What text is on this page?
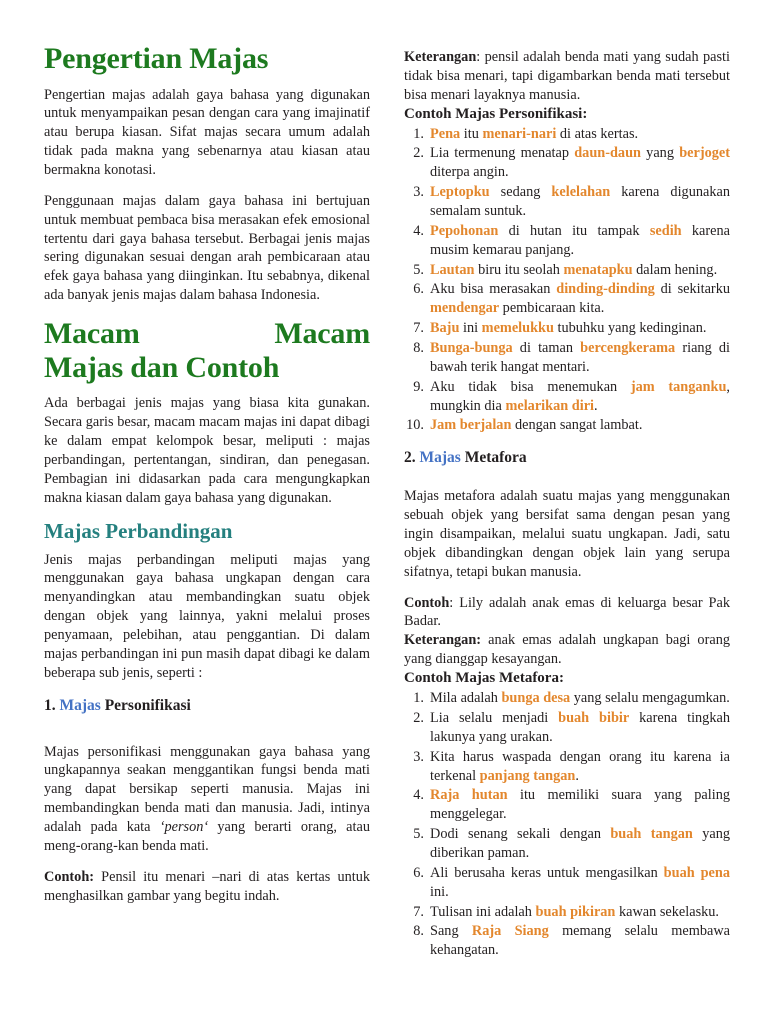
Pengertian Majas

Pengertian majas adalah gaya bahasa yang digunakan untuk menyampaikan pesan dengan cara yang imajinatif atau berupa kiasan. Sifat majas secara umum adalah tidak pada makna yang sebenarnya atau kiasan atau bermakna konotasi.

Penggunaan majas dalam gaya bahasa ini bertujuan untuk membuat pembaca bisa merasakan efek emosional tertentu dari gaya bahasa tersebut. Berbagai jenis majas sering digunakan sesuai dengan arah pembicaraan atau efek gaya bahasa yang diinginkan. Itu sebabnya, dikenal ada banyak jenis majas dalam bahasa Indonesia.

Macam	Macam
Majas dan Contoh

Ada berbagai jenis majas yang biasa kita gunakan. Secara garis besar, macam macam majas ini dapat dibagi ke dalam empat kelompok besar, meliputi : majas perbandingan, pertentangan, sindiran, dan penegasan. Pembagian ini didasarkan pada cara mengungkapkan makna kiasan dalam gaya bahasa yang digunakan.

Majas Perbandingan

Jenis majas perbandingan meliputi majas yang menggunakan gaya bahasa ungkapan dengan cara menyandingkan atau membandingkan suatu objek dengan objek yang lainnya, yakni melalui proses penyamaan, pelebihan, atau penggantian. Di dalam majas perbandingan ini pun masih dapat dibagi ke dalam beberapa sub jenis, seperti :

1. Majas Personifikasi

Majas personifikasi menggunakan gaya bahasa yang ungkapannya seakan menggantikan fungsi benda mati yang dapat bersikap seperti manusia. Majas ini membandingkan benda mati dan manusia. Jadi, intinya adalah pada kata ‘person‘ yang berarti orang, atau meng-orang-kan benda mati.

Contoh: Pensil itu menari –nari di atas kertas untuk menghasilkan gambar yang begitu indah.

Keterangan: pensil adalah benda mati yang sudah pasti tidak bisa menari, tapi digambarkan benda mati tersebut bisa menari layaknya manusia.

Contoh Majas Personifikasi:
Pena itu menari-nari di atas kertas.
Lia termenung menatap daun-daun yang berjoget diterpa angin.
Leptopku sedang kelelahan karena digunakan semalam suntuk.
Pepohonan di hutan itu tampak sedih karena musim kemarau panjang.
Lautan biru itu seolah menatapku dalam hening.
Aku bisa merasakan dinding-dinding di sekitarku mendengar pembicaraan kita.
Baju ini memelukku tubuhku yang kedinginan.
Bunga-bunga di taman bercengkerama riang di bawah terik hangat mentari.
Aku tidak bisa menemukan jam tanganku, mungkin dia melarikan diri.
Jam berjalan dengan sangat lambat.
2. Majas Metafora

Majas metafora adalah suatu majas yang menggunakan sebuah objek yang bersifat sama dengan pesan yang ingin disampaikan, melalui suatu ungkapan. Jadi, satu objek dibandingkan dengan objek lain yang serupa sifatnya, tetapi bukan manusia.

Contoh: Lily adalah anak emas di keluarga besar Pak Badar.

Keterangan: anak emas adalah ungkapan bagi orang yang dianggap kesayangan.

Contoh Majas Metafora:
Mila adalah bunga desa yang selalu mengagumkan.
Lia selalu menjadi buah bibir karena tingkah lakunya yang urakan.
Kita harus waspada dengan orang itu karena ia terkenal panjang tangan.
Raja hutan itu memiliki suara yang paling menggelegar.
Dodi senang sekali dengan buah tangan yang diberikan paman.
Ali berusaha keras untuk mengasilkan buah pena ini.
Tulisan ini adalah buah pikiran kawan sekelasku.
Sang Raja Siang memang selalu membawa kehangatan.
